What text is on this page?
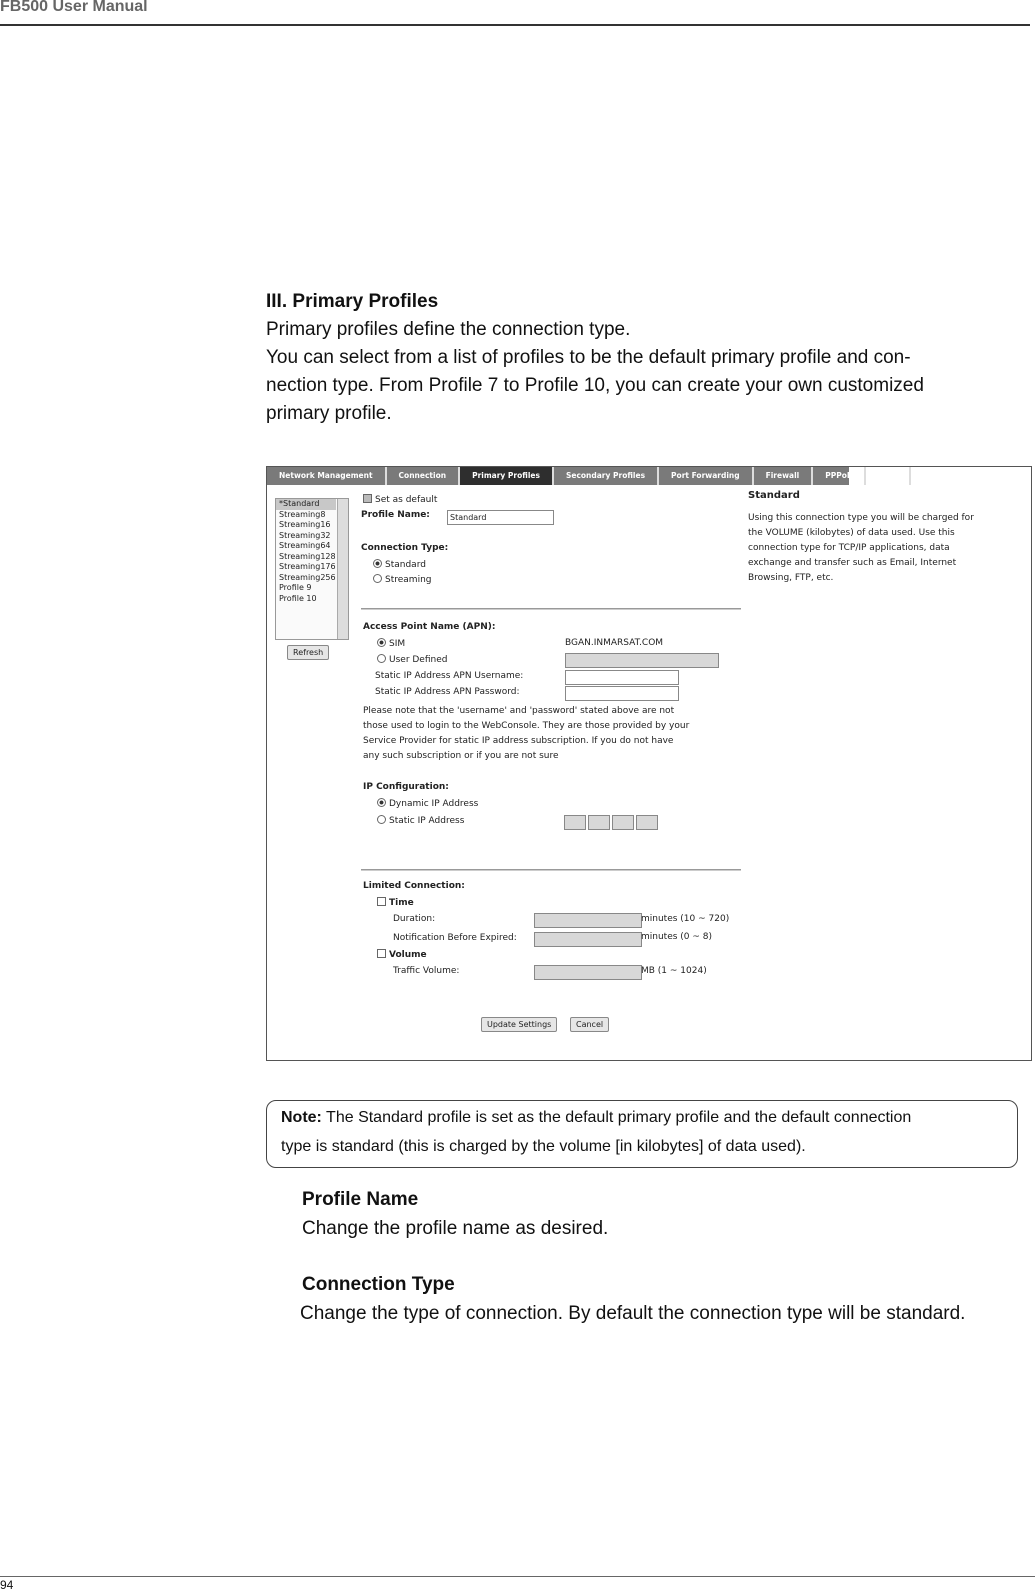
FB500 User Manual
III. Primary Profiles

Primary profiles define the connection type.

You can select from a list of profiles to be the default primary profile and con-

nection type. From Profile 7 to Profile 10, you can create your own customized

primary profile.

Network Management	Connection	Primary Profiles	Secondary Profiles	Port Forwarding	Firewall	PPPoE	Misc
*Standard
Streaming8
Streaming16
Streaming32
Streaming64
Streaming128
Streaming176
Streaming256
Profile 9
Profile 10
Refresh
Set as default
Profile Name:	Standard
Connection Type:
Standard
Streaming
Access Point Name (APN):
SIM	BGAN.INMARSAT.COM
User Defined
Static IP Address APN Username:
Static IP Address APN Password:
Please note that the 'username' and 'password' stated above are not
those used to login to the WebConsole. They are those provided by your
Service Provider for static IP address subscription. If you do not have
any such subscription or if you are not sure
IP Configuration:
Dynamic IP Address
Static IP Address
Limited Connection:
Time
Duration:	minutes (10 ~ 720)
Notification Before Expired:	minutes (0 ~ 8)
Volume
Traffic Volume:	MB (1 ~ 1024)
Update Settings	Cancel
Standard
Using this connection type you will be charged for
the VOLUME (kilobytes) of data used. Use this
connection type for TCP/IP applications, data
exchange and transfer such as Email, Internet
Browsing, FTP, etc.

Note: The Standard profile is set as the default primary profile and the default connection

type is standard (this is charged by the volume [in kilobytes] of data used).

Profile Name
Change the profile name as desired.
Connection Type
Change the type of connection. By default the connection type will be standard.
94
